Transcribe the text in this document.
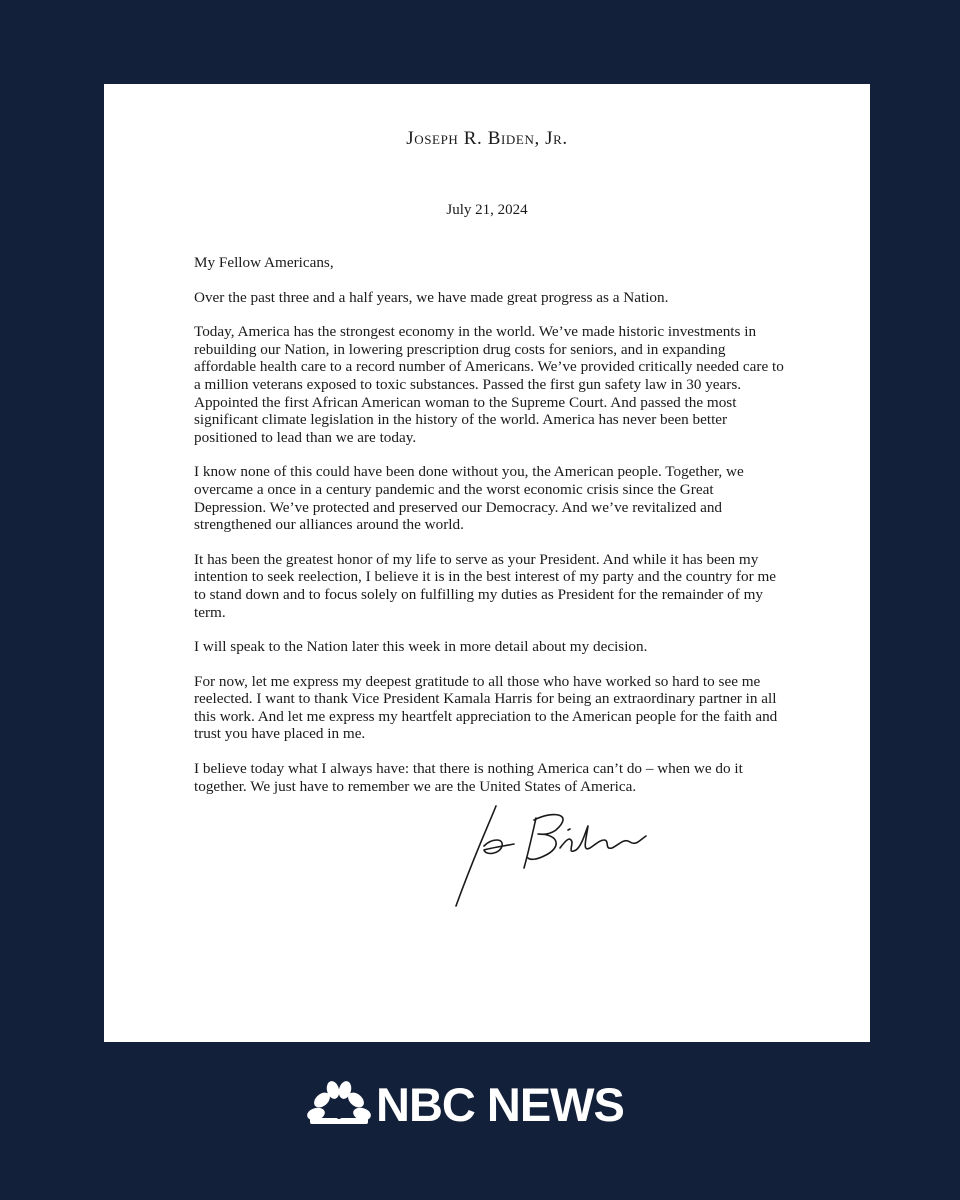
Joseph R. Biden, Jr.
July 21, 2024

My Fellow Americans,

Over the past three and a half years, we have made great progress as a Nation.

Today, America has the strongest economy in the world. We’ve made historic investments in rebuilding our Nation, in lowering prescription drug costs for seniors, and in expanding affordable health care to a record number of Americans. We’ve provided critically needed care to a million veterans exposed to toxic substances. Passed the first gun safety law in 30 years. Appointed the first African American woman to the Supreme Court. And passed the most significant climate legislation in the history of the world. America has never been better positioned to lead than we are today.

I know none of this could have been done without you, the American people. Together, we overcame a once in a century pandemic and the worst economic crisis since the Great Depression. We’ve protected and preserved our Democracy. And we’ve revitalized and strengthened our alliances around the world.

It has been the greatest honor of my life to serve as your President. And while it has been my intention to seek reelection, I believe it is in the best interest of my party and the country for me to stand down and to focus solely on fulfilling my duties as President for the remainder of my term.

I will speak to the Nation later this week in more detail about my decision.

For now, let me express my deepest gratitude to all those who have worked so hard to see me reelected. I want to thank Vice President Kamala Harris for being an extraordinary partner in all this work. And let me express my heartfelt appreciation to the American people for the faith and trust you have placed in me.

I believe today what I always have: that there is nothing America can’t do – when we do it together. We just have to remember we are the United States of America.

NBC NEWS
